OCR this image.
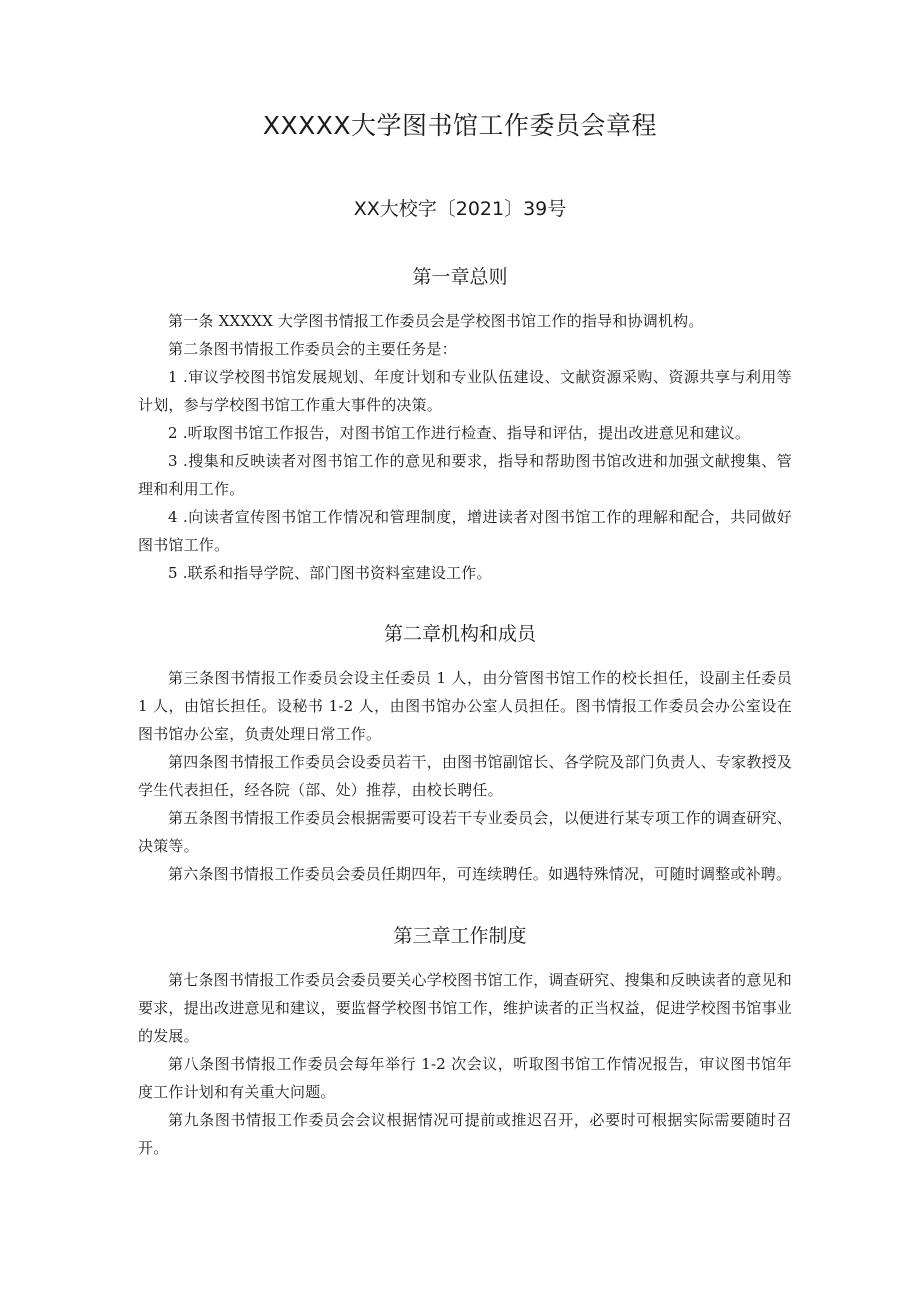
XXXXX大学图书馆工作委员会章程
XX大校字〔2021〕39号
第一章总则

第一条 XXXXX 大学图书情报工作委员会是学校图书馆工作的指导和协调机构。

第二条图书情报工作委员会的主要任务是：

1 .审议学校图书馆发展规划、年度计划和专业队伍建设、文献资源采购、资源共享与利用等计划，参与学校图书馆工作重大事件的决策。

2 .听取图书馆工作报告，对图书馆工作进行检查、指导和评估，提出改进意见和建议。

3 .搜集和反映读者对图书馆工作的意见和要求，指导和帮助图书馆改进和加强文献搜集、管理和利用工作。

4 .向读者宣传图书馆工作情况和管理制度，增进读者对图书馆工作的理解和配合，共同做好图书馆工作。

5 .联系和指导学院、部门图书资料室建设工作。

第二章机构和成员

第三条图书情报工作委员会设主任委员 1 人，由分管图书馆工作的校长担任，设副主任委员 1 人，由馆长担任。设秘书 1-2 人，由图书馆办公室人员担任。图书情报工作委员会办公室设在图书馆办公室，负责处理日常工作。

第四条图书情报工作委员会设委员若干，由图书馆副馆长、各学院及部门负责人、专家教授及学生代表担任，经各院（部、处）推荐，由校长聘任。

第五条图书情报工作委员会根据需要可设若干专业委员会，以便进行某专项工作的调查研究、决策等。

第六条图书情报工作委员会委员任期四年，可连续聘任。如遇特殊情况，可随时调整或补聘。

第三章工作制度

第七条图书情报工作委员会委员要关心学校图书馆工作，调查研究、搜集和反映读者的意见和要求，提出改进意见和建议，要监督学校图书馆工作，维护读者的正当权益，促进学校图书馆事业的发展。

第八条图书情报工作委员会每年举行 1-2 次会议，听取图书馆工作情况报告，审议图书馆年度工作计划和有关重大问题。

第九条图书情报工作委员会会议根据情况可提前或推迟召开，必要时可根据实际需要随时召开。
